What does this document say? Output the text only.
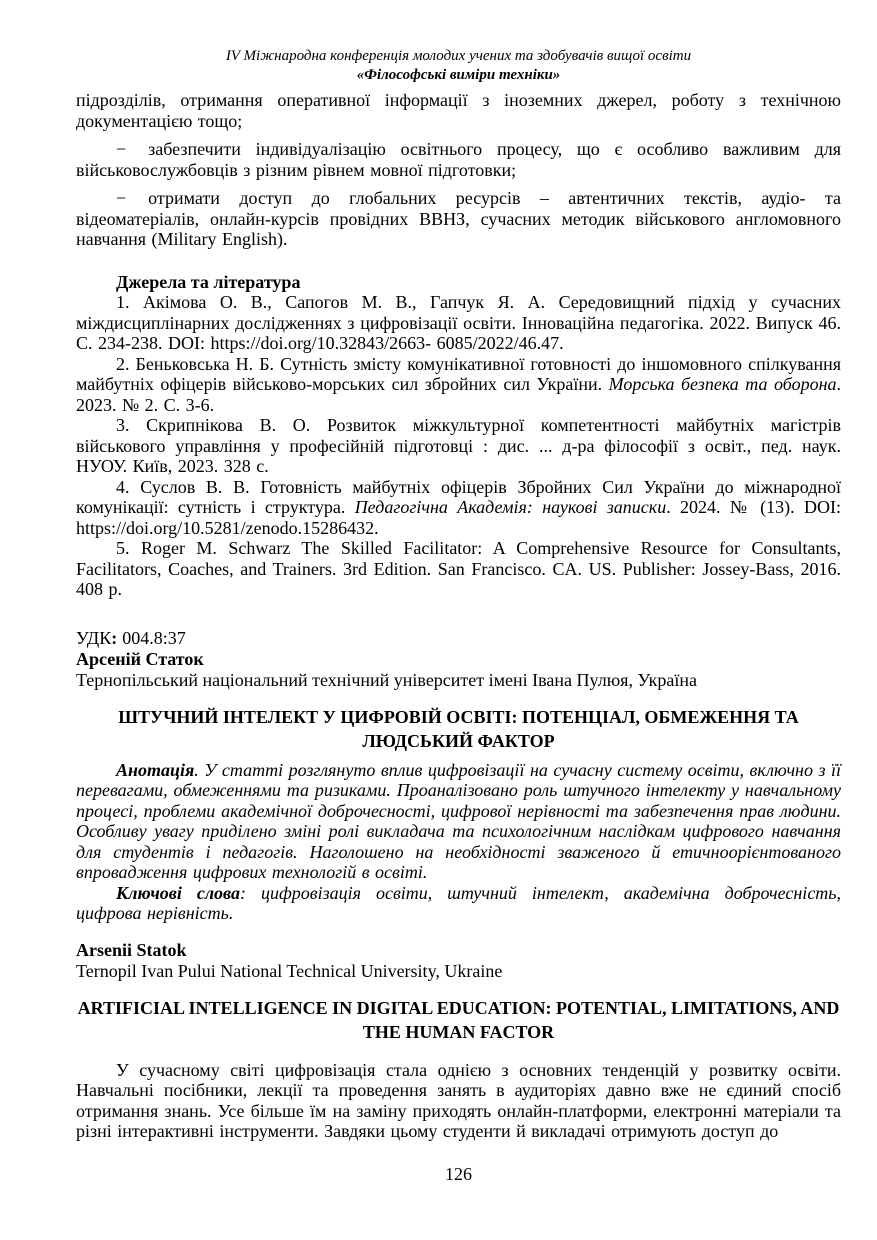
IV Міжнародна конференція молодих учених та здобувачів вищої освіти

«Філософські виміри техніки»

підрозділів, отримання оперативної інформації з іноземних джерел, роботу з технічною документацією тощо;

− забезпечити індивідуалізацію освітнього процесу, що є особливо важливим для військовослужбовців з різним рівнем мовної підготовки;

− отримати доступ до глобальних ресурсів – автентичних текстів, аудіо- та відеоматеріалів, онлайн-курсів провідних ВВНЗ, сучасних методик військового англомовного навчання (Military English).

Джерела та література

1. Акімова О. В., Сапогов М. В., Гапчук Я. А. Середовищний підхід у сучасних міждисциплінарних дослідженнях з цифровізації освіти. Інноваційна педагогіка. 2022. Випуск 46. С. 234-238. DOI: https://doi.org/10.32843/2663- 6085/2022/46.47.

2. Беньковська Н. Б. Сутність змісту комунікативної готовності до іншомовного спілкування майбутніх офіцерів військово-морських сил збройних сил України. Морська безпека та оборона. 2023. № 2. С. 3-6.

3. Скрипнікова В. О. Розвиток міжкультурної компетентності майбутніх магістрів військового управління у професійній підготовці : дис. ... д-ра філософії з освіт., пед. наук. НУОУ. Київ, 2023. 328 с.

4. Суслов В. В. Готовність майбутніх офіцерів Збройних Сил України до міжнародної комунікації: сутність і структура. Педагогічна Академія: наукові записки. 2024. № (13). DOI: https://doi.org/10.5281/zenodo.15286432.

5. Roger M. Schwarz The Skilled Facilitator: A Comprehensive Resource for Consultants, Facilitators, Coaches, and Trainers. 3rd Edition. San Francisco. CA. US. Publisher: Jossey-Bass, 2016. 408 p.

УДК: 004.8:37

Арсеній Статок

Тернопільський національний технічний університет імені Івана Пулюя, Україна

ШТУЧНИЙ ІНТЕЛЕКТ У ЦИФРОВІЙ ОСВІТІ: ПОТЕНЦІАЛ, ОБМЕЖЕННЯ ТА ЛЮДСЬКИЙ ФАКТОР

Анотація. У статті розглянуто вплив цифровізації на сучасну систему освіти, включно з її перевагами, обмеженнями та ризиками. Проаналізовано роль штучного інтелекту у навчальному процесі, проблеми академічної доброчесності, цифрової нерівності та забезпечення прав людини. Особливу увагу приділено зміні ролі викладача та психологічним наслідкам цифрового навчання для студентів і педагогів. Наголошено на необхідності зваженого й етичноорієнтованого впровадження цифрових технологій в освіті.

Ключові слова: цифровізація освіти, штучний інтелект, академічна доброчесність, цифрова нерівність.

Arsenii Statok

Ternopil Ivan Pului National Technical University, Ukraine

ARTIFICIAL INTELLIGENCE IN DIGITAL EDUCATION: POTENTIAL, LIMITATIONS, AND THE HUMAN FACTOR

У сучасному світі цифровізація стала однією з основних тенденцій у розвитку освіти. Навчальні посібники, лекції та проведення занять в аудиторіях давно вже не єдиний спосіб отримання знань. Усе більше їм на заміну приходять онлайн-платформи, електронні матеріали та різні інтерактивні інструменти. Завдяки цьому студенти й викладачі отримують доступ до

126
